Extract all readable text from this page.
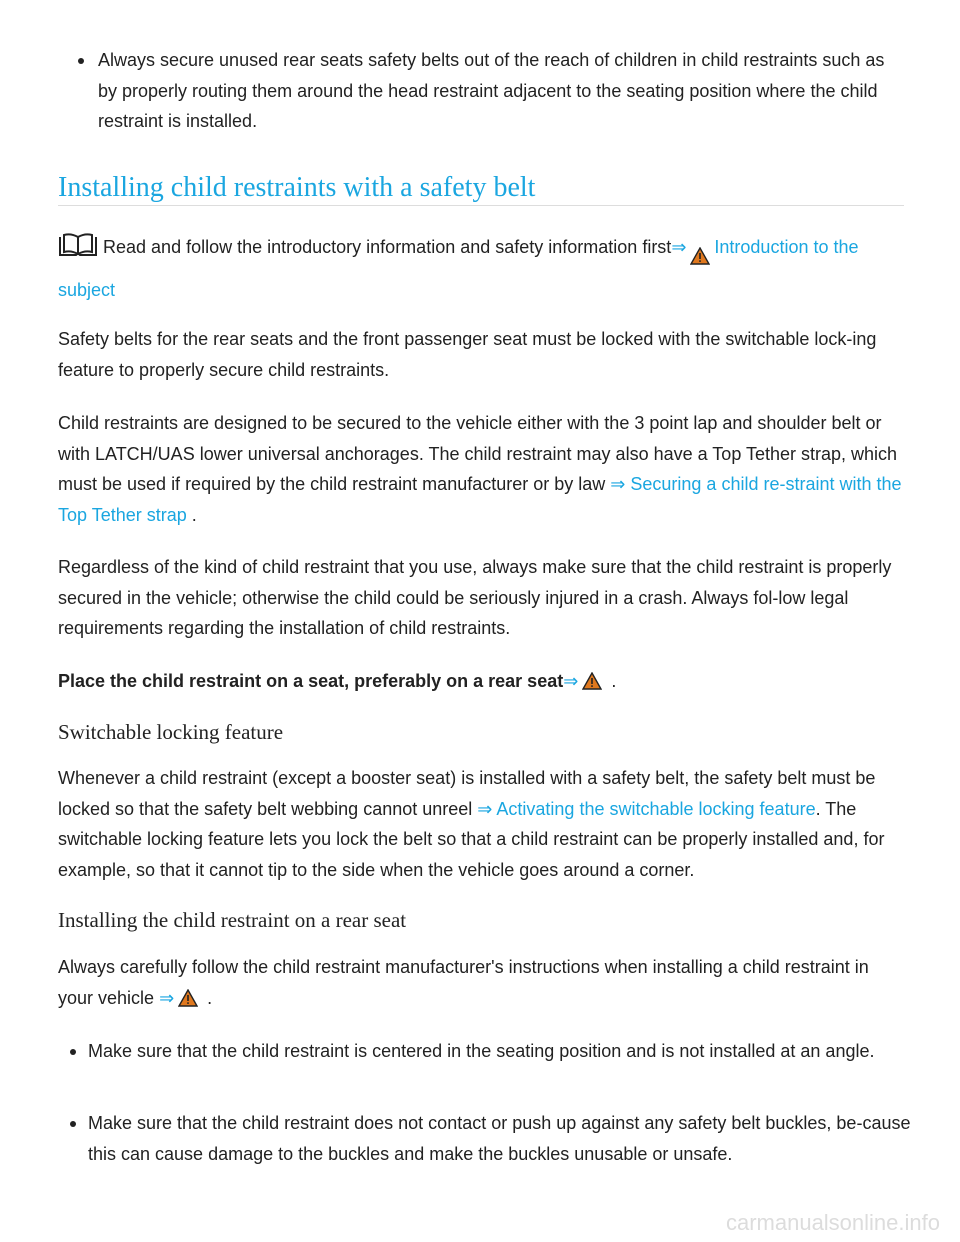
Always secure unused rear seats safety belts out of the reach of children in child restraints such as by properly routing them around the head restraint adjacent to the seating position where the child restraint is installed.

Installing child restraints with a safety belt

Read and follow the introductory information and safety information first⇒ Introduction to the subject

Safety belts for the rear seats and the front passenger seat must be locked with the switchable lock-ing feature to properly secure child restraints.

Child restraints are designed to be secured to the vehicle either with the 3 point lap and shoulder belt or with LATCH/UAS lower universal anchorages. The child restraint may also have a Top Tether strap, which must be used if required by the child restraint manufacturer or by law ⇒ Securing a child re-straint with the Top Tether strap .

Regardless of the kind of child restraint that you use, always make sure that the child restraint is properly secured in the vehicle; otherwise the child could be seriously injured in a crash. Always fol-low legal requirements regarding the installation of child restraints.

Place the child restraint on a seat, preferably on a rear seat⇒ .

Switchable locking feature

Whenever a child restraint (except a booster seat) is installed with a safety belt, the safety belt must be locked so that the safety belt webbing cannot unreel ⇒ Activating the switchable locking feature. The switchable locking feature lets you lock the belt so that a child restraint can be properly installed and, for example, so that it cannot tip to the side when the vehicle goes around a corner.

Installing the child restraint on a rear seat

Always carefully follow the child restraint manufacturer's instructions when installing a child restraint in your vehicle ⇒ .

Make sure that the child restraint is centered in the seating position and is not installed at an angle.

Make sure that the child restraint does not contact or push up against any safety belt buckles, be-cause this can cause damage to the buckles and make the buckles unusable or unsafe.

carmanualsonline.info
